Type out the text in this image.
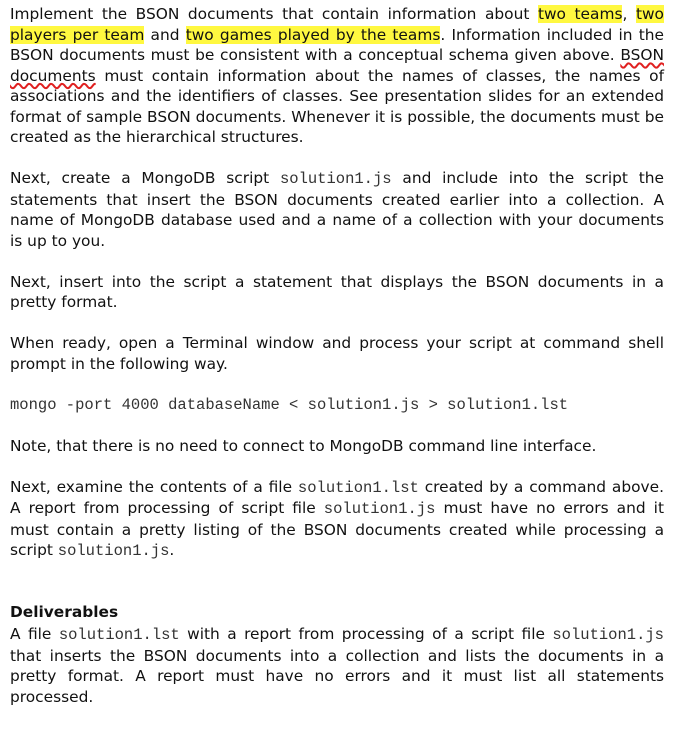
Implement the BSON documents that contain information about two teams, two players per team and two games played by the teams. Information included in the BSON documents must be consistent with a conceptual schema given above. BSON documents must contain information about the names of classes, the names of associations and the identifiers of classes. See presentation slides for an extended format of sample BSON documents. Whenever it is possible, the documents must be created as the hierarchical structures.

Next, create a MongoDB script solution1.js and include into the script the statements that insert the BSON documents created earlier into a collection. A name of MongoDB database used and a name of a collection with your documents is up to you.

Next, insert into the script a statement that displays the BSON documents in a pretty format.

When ready, open a Terminal window and process your script at command shell prompt in the following way.

mongo -port 4000 databaseName < solution1.js > solution1.lst

Note, that there is no need to connect to MongoDB command line interface.

Next, examine the contents of a file solution1.lst created by a command above. A report from processing of script file solution1.js must have no errors and it must contain a pretty listing of the BSON documents created while processing a script solution1.js.

Deliverables

A file solution1.lst with a report from processing of a script file solution1.js that inserts the BSON documents into a collection and lists the documents in a pretty format. A report must have no errors and it must list all statements processed.
